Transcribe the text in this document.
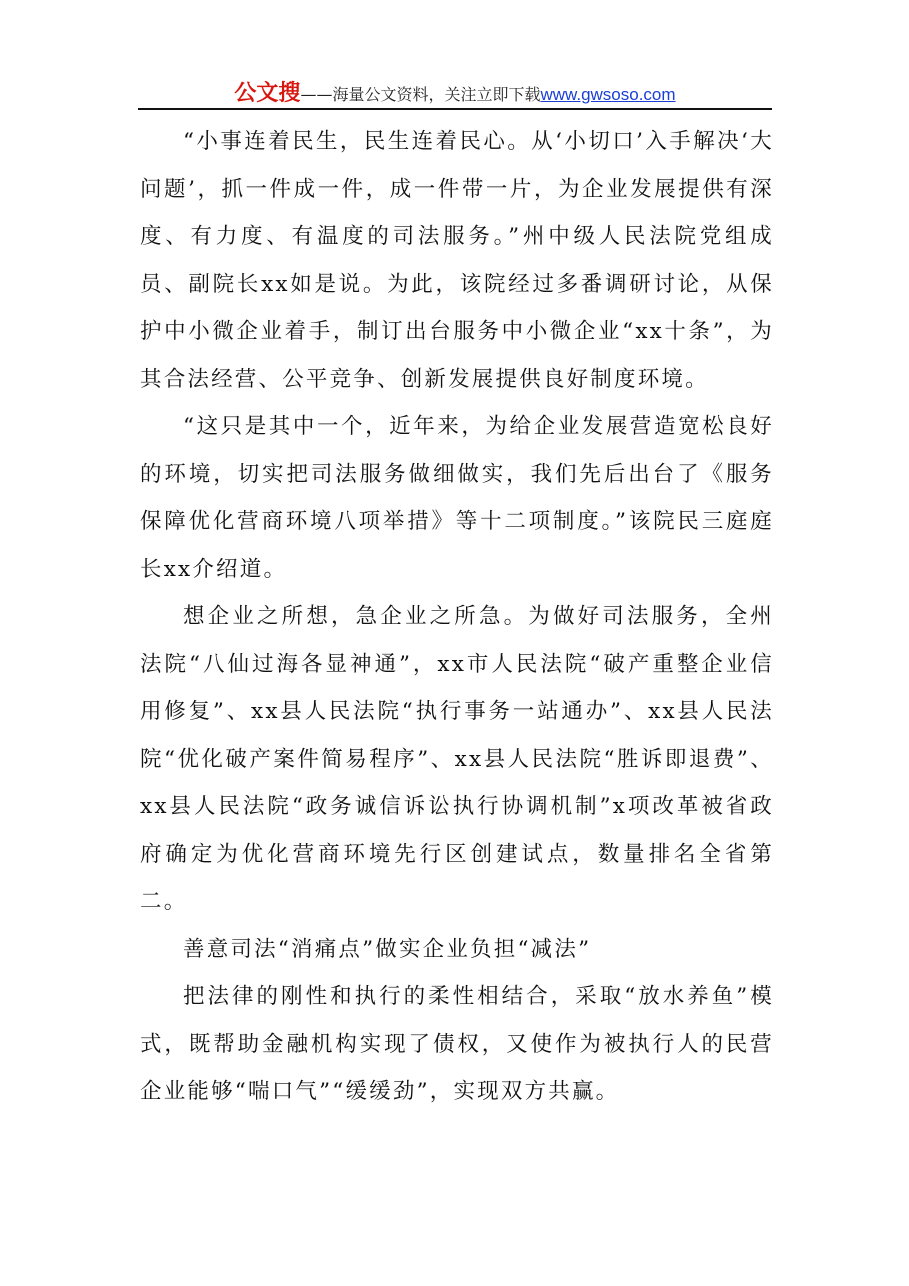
公文搜——海量公文资料，关注立即下载www.gwsoso.com

“小事连着民生，民生连着民心。从‘小切口’入手解决‘大问题’，抓一件成一件，成一件带一片，为企业发展提供有深度、有力度、有温度的司法服务。”州中级人民法院党组成员、副院长xx如是说。为此，该院经过多番调研讨论，从保护中小微企业着手，制订出台服务中小微企业“xx十条”，为其合法经营、公平竞争、创新发展提供良好制度环境。

“这只是其中一个，近年来，为给企业发展营造宽松良好的环境，切实把司法服务做细做实，我们先后出台了《服务保障优化营商环境八项举措》等十二项制度。”该院民三庭庭长xx介绍道。

想企业之所想，急企业之所急。为做好司法服务，全州法院“八仙过海各显神通”，xx市人民法院“破产重整企业信用修复”、xx县人民法院“执行事务一站通办”、xx县人民法院“优化破产案件简易程序”、xx县人民法院“胜诉即退费”、xx县人民法院“政务诚信诉讼执行协调机制”x项改革被省政府确定为优化营商环境先行区创建试点，数量排名全省第二。

善意司法“消痛点”做实企业负担“减法”

把法律的刚性和执行的柔性相结合，采取“放水养鱼”模式，既帮助金融机构实现了债权，又使作为被执行人的民营企业能够“喘口气”“缓缓劲”，实现双方共赢。
